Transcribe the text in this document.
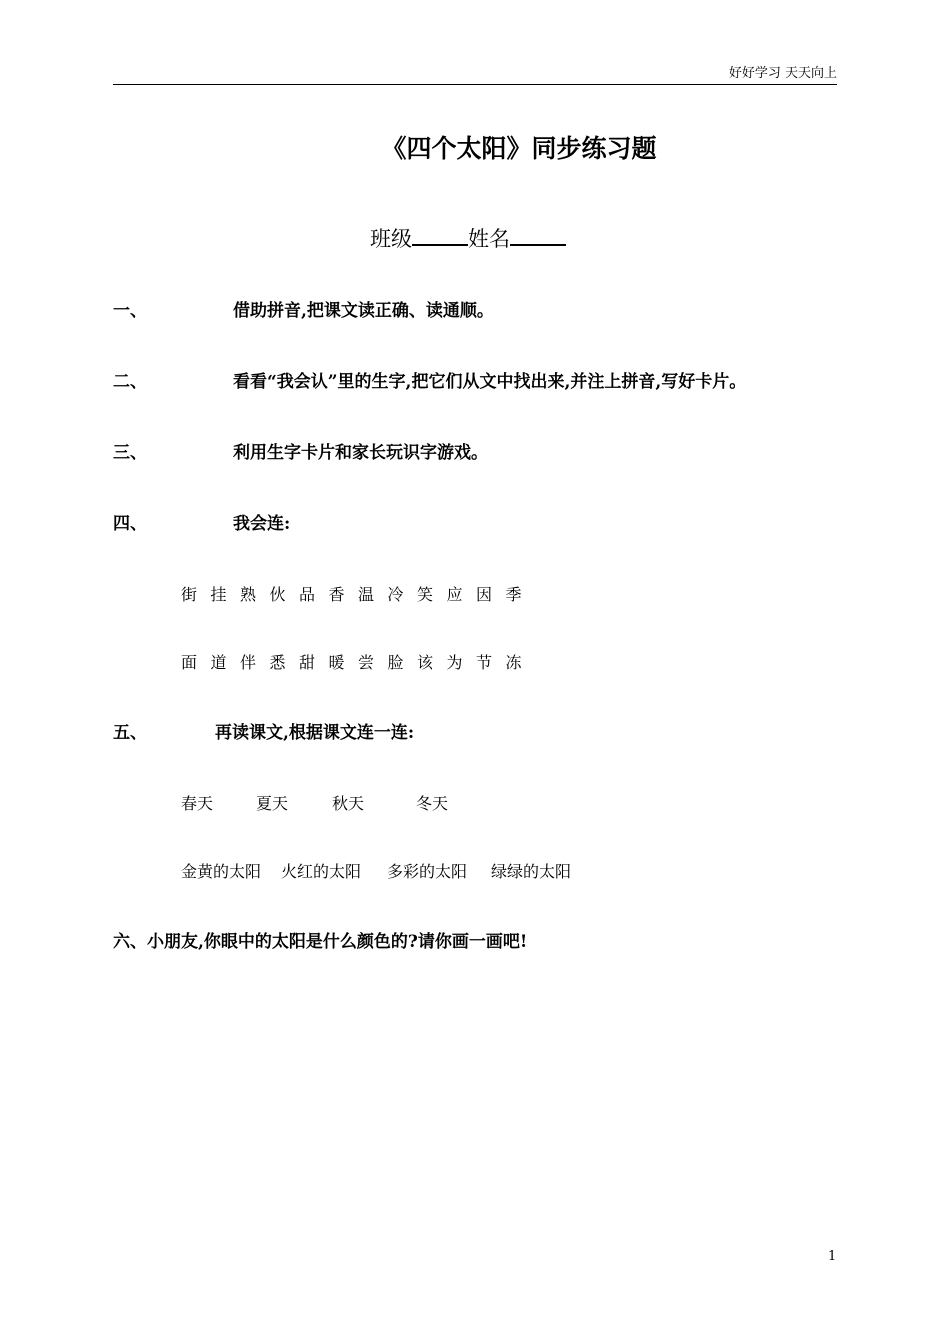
好好学习 天天向上
《四个太阳》同步练习题
班级	姓名
一、	借助拼音,把课文读正确、读通顺。
二、	看看“我会认”里的生字,把它们从文中找出来,并注上拼音,写好卡片。
三、	利用生字卡片和家长玩识字游戏。
四、	我会连:
街挂熟伙品香温冷笑应因季
面道伴悉甜暖尝脸该为节冻
五、	再读课文,根据课文连一连:
春天	夏天	秋天	冬天
金黄的太阳 火红的太阳 多彩的太阳 绿绿的太阳
六、小朋友,你眼中的太阳是什么颜色的?请你画一画吧!
1
